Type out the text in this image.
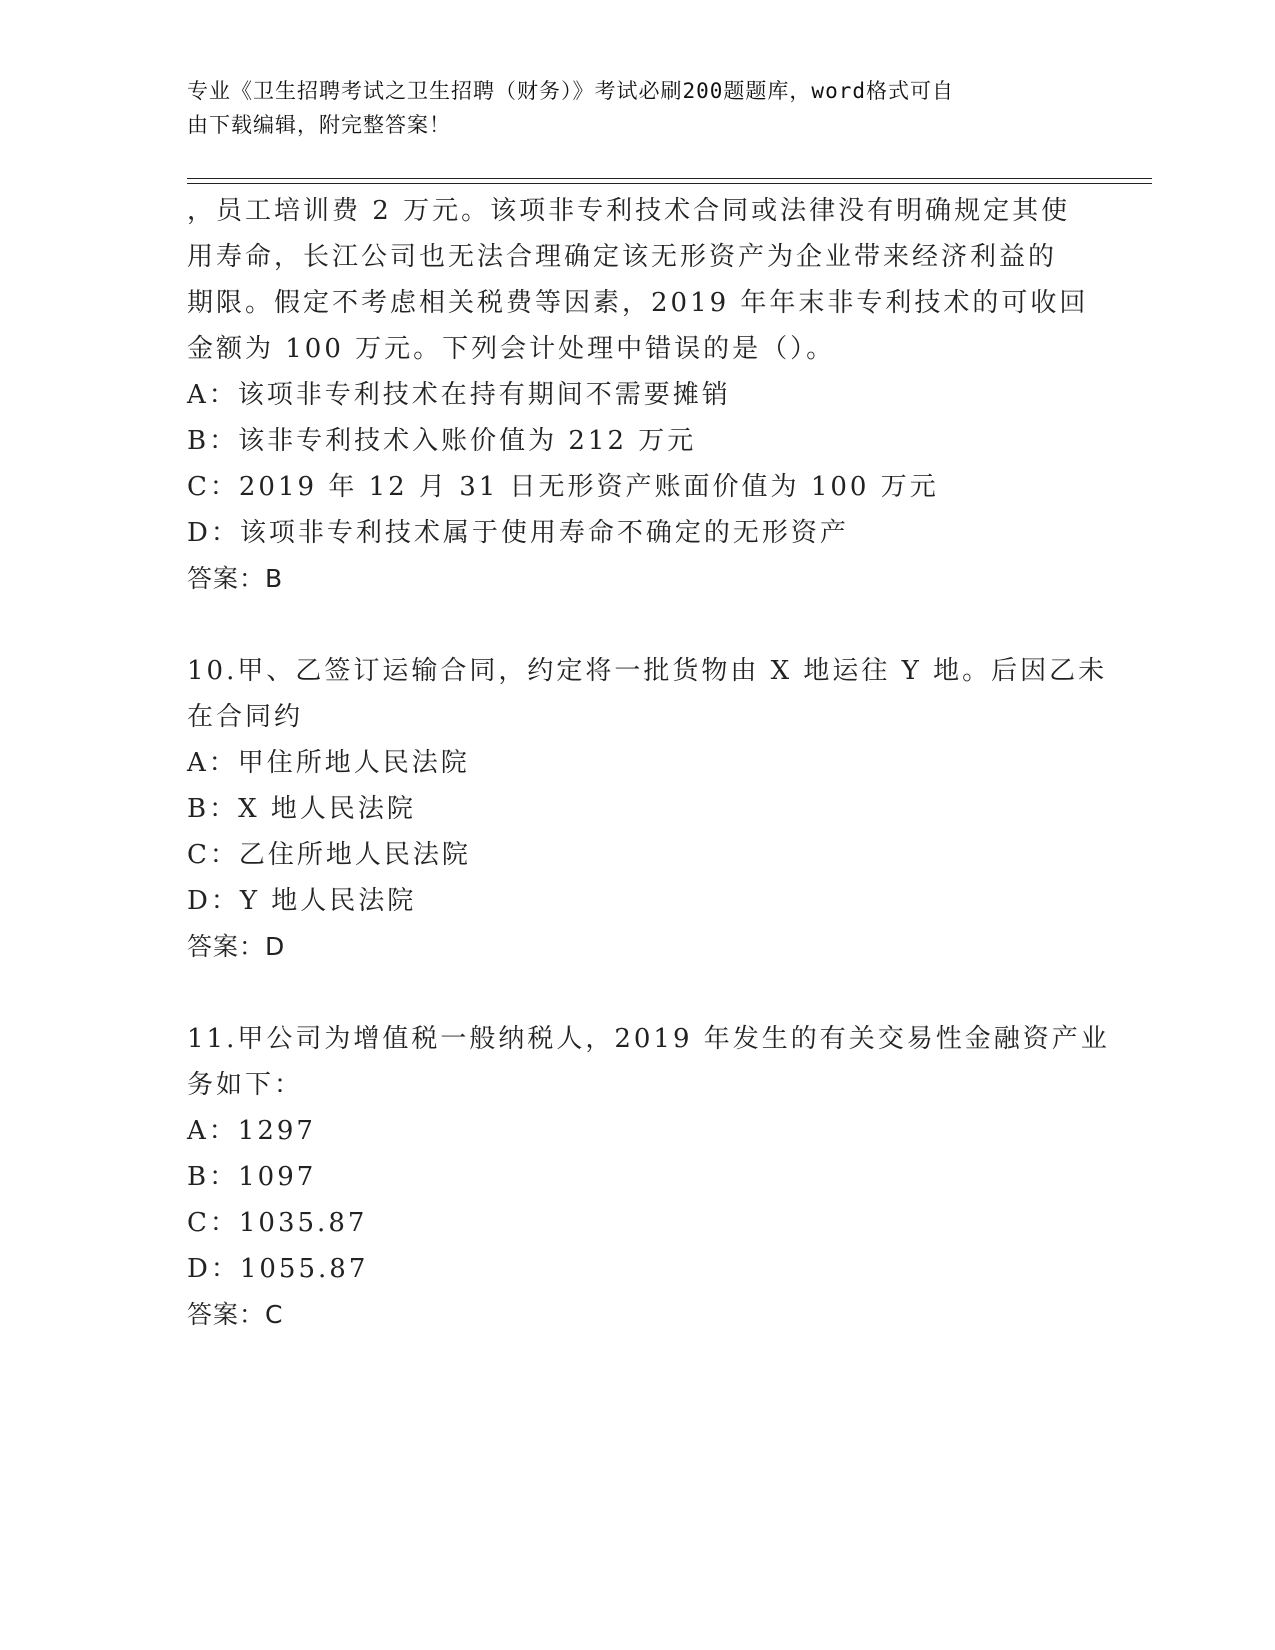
专业《卫生招聘考试之卫生招聘（财务）》考试必刷200题题库，word格式可自
由下载编辑，附完整答案！
，员工培训费 2 万元。该项非专利技术合同或法律没有明确规定其使
用寿命，长江公司也无法合理确定该无形资产为企业带来经济利益的
期限。假定不考虑相关税费等因素，2019 年年末非专利技术的可收回
金额为 100 万元。下列会计处理中错误的是（）。
A：该项非专利技术在持有期间不需要摊销
B：该非专利技术入账价值为 212 万元
C：2019 年 12 月 31 日无形资产账面价值为 100 万元
D：该项非专利技术属于使用寿命不确定的无形资产
答案：B
10.甲、乙签订运输合同，约定将一批货物由 X 地运往 Y 地。后因乙未
在合同约
A：甲住所地人民法院
B：X 地人民法院
C：乙住所地人民法院
D：Y 地人民法院
答案：D
11.甲公司为增值税一般纳税人，2019 年发生的有关交易性金融资产业
务如下：
A：1297
B：1097
C：1035.87
D：1055.87
答案：C
